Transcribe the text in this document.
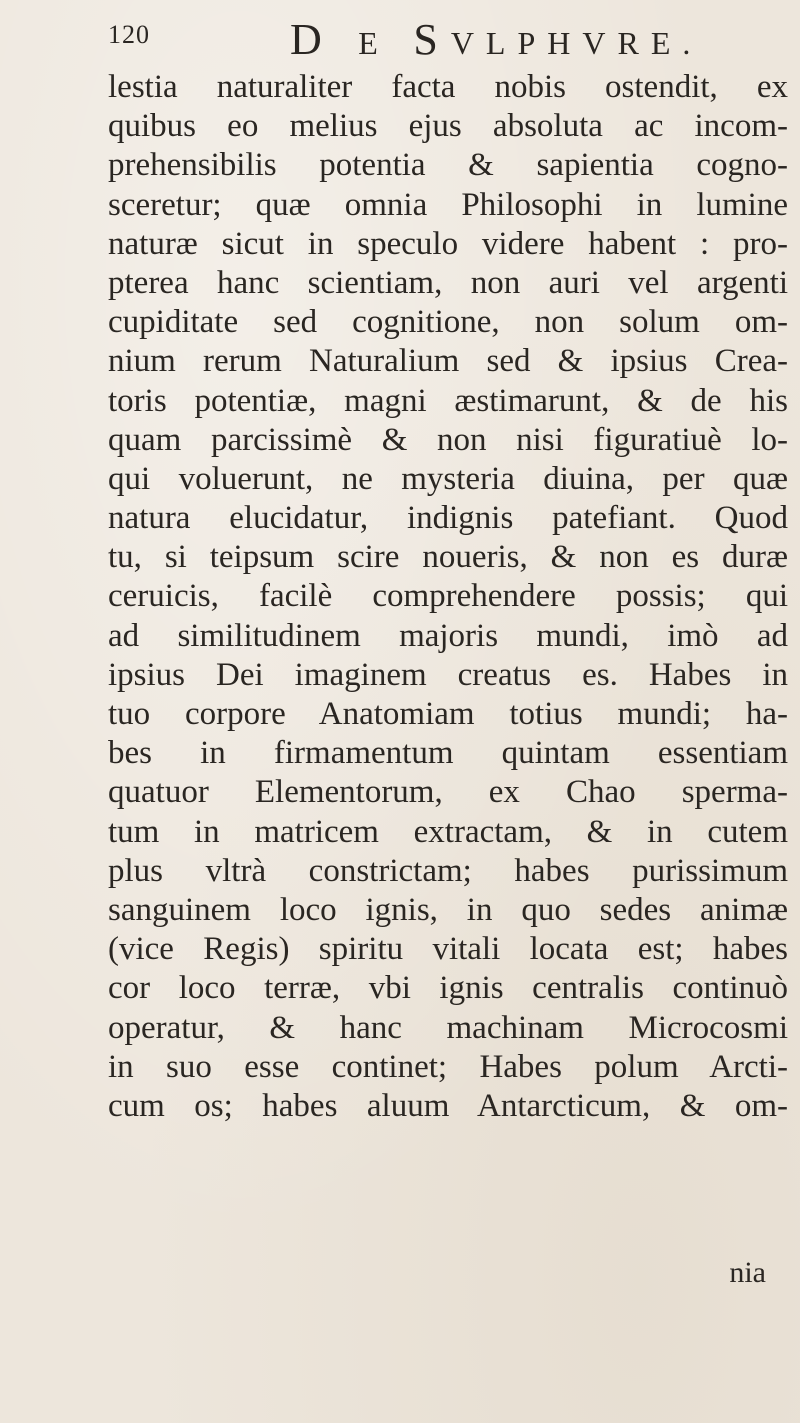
120	D E SVLPHVRE.
lestia naturaliter facta nobis ostendit, ex
quibus eo melius ejus absoluta ac incom-
prehensibilis potentia & sapientia cogno-
sceretur; quæ omnia Philosophi in lumine
naturæ sicut in speculo videre habent : pro-
pterea hanc scientiam, non auri vel argenti
cupiditate sed cognitione, non solum om-
nium rerum Naturalium sed & ipsius Crea-
toris potentiæ, magni æstimarunt, & de his
quam parcissimè & non nisi figuratiuè lo-
qui voluerunt, ne mysteria diuina, per quæ
natura elucidatur, indignis patefiant. Quod
tu, si teipsum scire noueris, & non es duræ
ceruicis, facilè comprehendere possis; qui
ad similitudinem majoris mundi, imò ad
ipsius Dei imaginem creatus es. Habes in
tuo corpore Anatomiam totius mundi; ha-
bes in firmamentum quintam essentiam
quatuor Elementorum, ex Chao sperma-
tum in matricem extractam, & in cutem
plus vltrà constrictam; habes purissimum
sanguinem loco ignis, in quo sedes animæ
(vice Regis) spiritu vitali locata est; habes
cor loco terræ, vbi ignis centralis continuò
operatur, & hanc machinam Microcosmi
in suo esse continet; Habes polum Arcti-
cum os; habes aluum Antarcticum, & om-
nia
